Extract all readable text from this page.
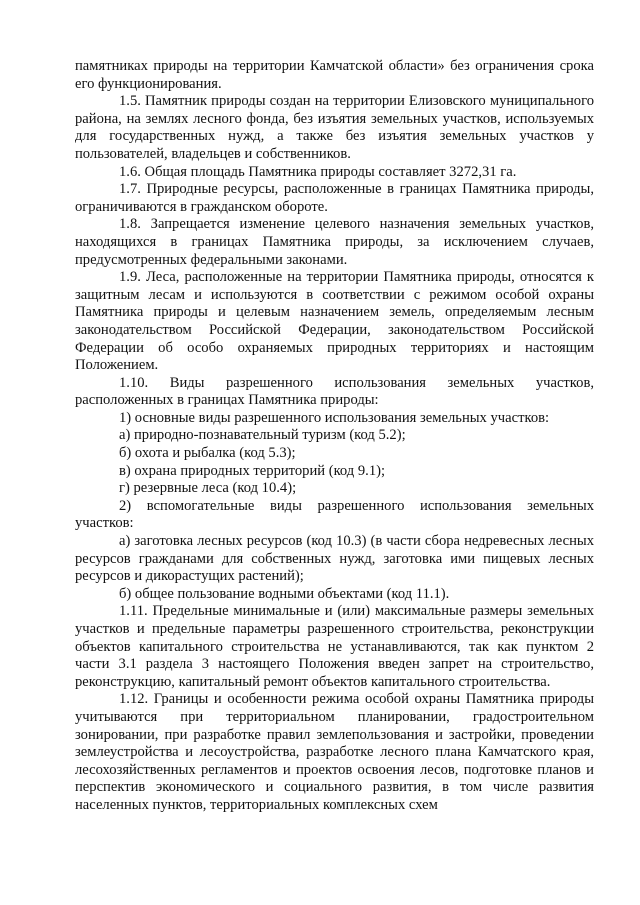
памятниках природы на территории Камчатской области» без ограничения срока его функционирования.

1.5. Памятник природы создан на территории Елизовского муниципального района, на землях лесного фонда, без изъятия земельных участков, используемых для государственных нужд, а также без изъятия земельных участков у пользователей, владельцев и собственников.

1.6. Общая площадь Памятника природы составляет 3272,31 га.

1.7. Природные ресурсы, расположенные в границах Памятника природы, ограничиваются в гражданском обороте.

1.8. Запрещается изменение целевого назначения земельных участков, находящихся в границах Памятника природы, за исключением случаев, предусмотренных федеральными законами.

1.9. Леса, расположенные на территории Памятника природы, относятся к защитным лесам и используются в соответствии с режимом особой охраны Памятника природы и целевым назначением земель, определяемым лесным законодательством Российской Федерации, законодательством Российской Федерации об особо охраняемых природных территориях и настоящим Положением.

1.10. Виды разрешенного использования земельных участков, расположенных в границах Памятника природы:

1) основные виды разрешенного использования земельных участков:

а) природно-познавательный туризм (код 5.2);

б) охота и рыбалка (код 5.3);

в) охрана природных территорий (код 9.1);

г) резервные леса (код 10.4);

2) вспомогательные виды разрешенного использования земельных участков:

а) заготовка лесных ресурсов (код 10.3) (в части сбора недревесных лесных ресурсов гражданами для собственных нужд, заготовка ими пищевых лесных ресурсов и дикорастущих растений);

б) общее пользование водными объектами (код 11.1).

1.11. Предельные минимальные и (или) максимальные размеры земельных участков и предельные параметры разрешенного строительства, реконструкции объектов капитального строительства не устанавливаются, так как пунктом 2 части 3.1 раздела 3 настоящего Положения введен запрет на строительство, реконструкцию, капитальный ремонт объектов капитального строительства.

1.12. Границы и особенности режима особой охраны Памятника природы учитываются при территориальном планировании, градостроительном зонировании, при разработке правил землепользования и застройки, проведении землеустройства и лесоустройства, разработке лесного плана Камчатского края, лесохозяйственных регламентов и проектов освоения лесов, подготовке планов и перспектив экономического и социального развития, в том числе развития населенных пунктов, территориальных комплексных схем
